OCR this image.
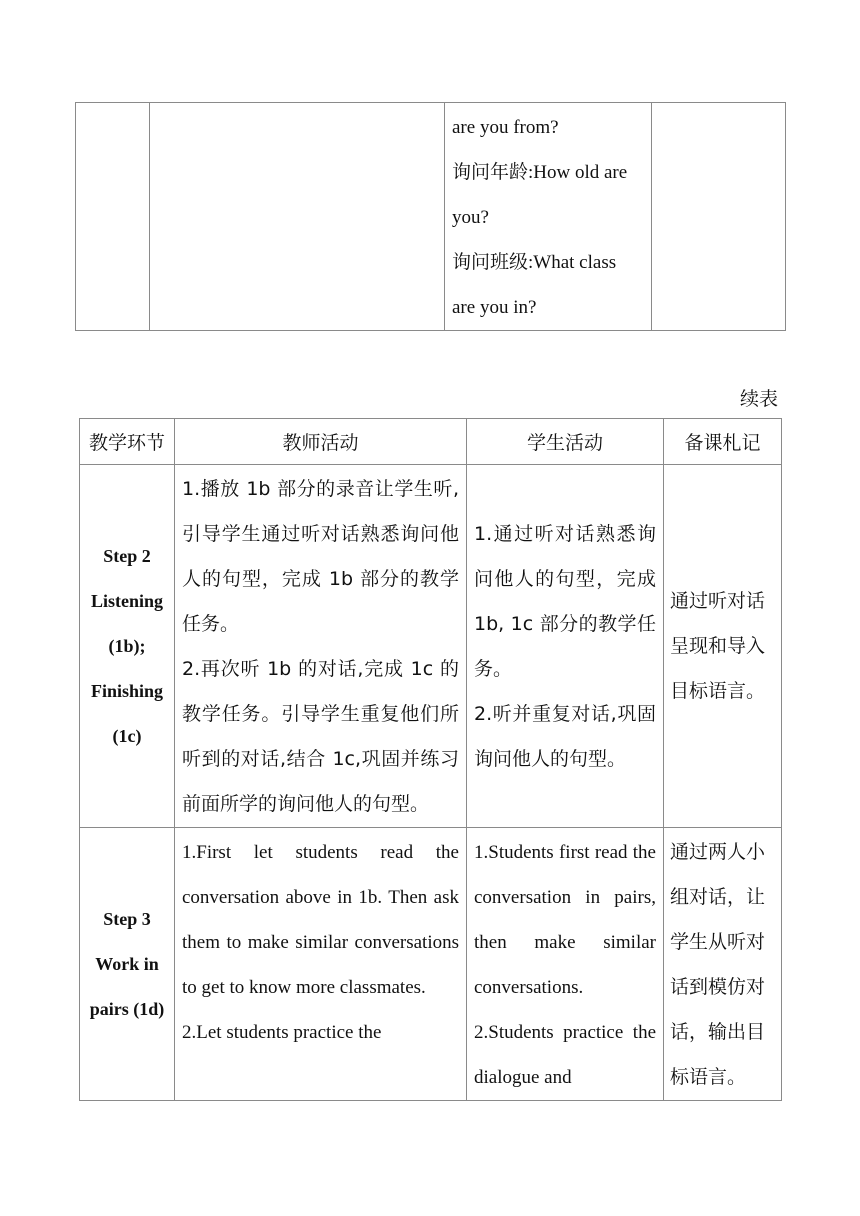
are you from?
询问年龄:How old are
you?
询问班级:What class
are you in?

续表
教学环节	教师活动	学生活动	备课札记

Step 2
Listening
(1b);
Finishing
(1c)	1.播放 1b 部分的录音让学生听,引导学生通过听对话熟悉询问他人的句型，完成 1b 部分的教学任务。
2.再次听 1b 的对话,完成 1c 的教学任务。引导学生重复他们所听到的对话,结合 1c,巩固并练习前面所学的询问他人的句型。	1.通过听对话熟悉询问他人的句型，完成 1b, 1c 部分的教学任务。
2.听并重复对话,巩固询问他人的句型。	通过听对话呈现和导入目标语言。

Step 3
Work in
pairs (1d)	1.First let students read the conversation above in 1b. Then ask them to make similar conversations to get to know more classmates.
2.Let students practice the	1.Students first read the conversation in pairs, then make similar conversations.
2.Students practice the dialogue and	通过两人小组对话，让学生从听对话到模仿对话，输出目标语言。
